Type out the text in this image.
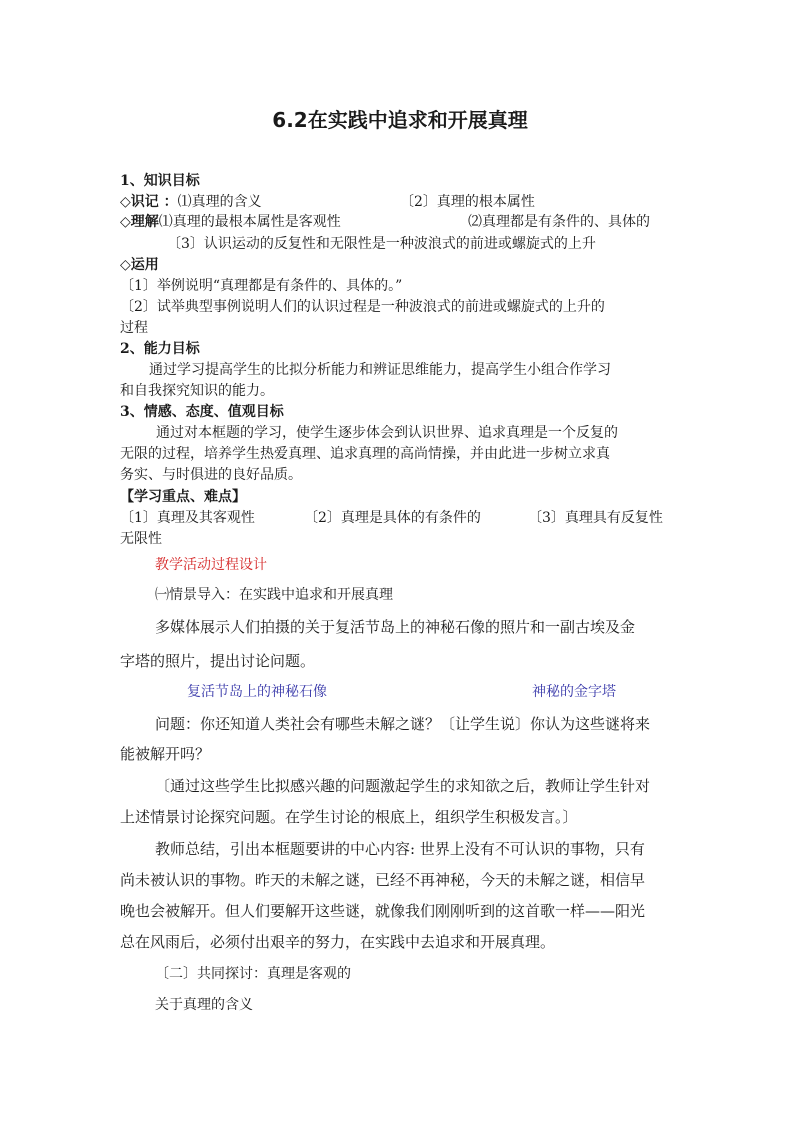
6.2在实践中追求和开展真理
1、知识目标
◇识记 ：⑴真理的含义	〔2〕真理的根本属性
◇理解⑴真理的最根本属性是客观性	⑵真理都是有条件的、具体的
〔3〕认识运动的反复性和无限性是一种波浪式的前进或螺旋式的上升
◇运用
〔1〕举例说明“真理都是有条件的、具体的。”
〔2〕试举典型事例说明人们的认识过程是一种波浪式的前进或螺旋式的上升的
过程
2、能力目标
通过学习提高学生的比拟分析能力和辨证思维能力，提高学生小组合作学习
和自我探究知识的能力。
3、情感、态度、值观目标
通过对本框题的学习，使学生逐步体会到认识世界、追求真理是一个反复的
无限的过程，培养学生热爱真理、追求真理的高尚情操，并由此进一步树立求真
务实、与时俱进的良好品质。
【学习重点、难点】
〔1〕真理及其客观性	〔2〕真理是具体的有条件的	〔3〕真理具有反复性
无限性
教学活动过程设计
㈠情景导入：在实践中追求和开展真理
多媒体展示人们拍摄的关于复活节岛上的神秘石像的照片和一副古埃及金
字塔的照片，提出讨论问题。
复活节岛上的神秘石像	神秘的金字塔
问题：你还知道人类社会有哪些未解之谜？〔让学生说〕你认为这些谜将来
能被解开吗？
〔通过这些学生比拟感兴趣的问题激起学生的求知欲之后，教师让学生针对
上述情景讨论探究问题。在学生讨论的根底上，组织学生积极发言。〕
教师总结，引出本框题要讲的中心内容: 世界上没有不可认识的事物，只有
尚未被认识的事物。昨天的未解之谜，已经不再神秘，今天的未解之谜，相信早
晚也会被解开。但人们要解开这些谜，就像我们刚刚听到的这首歌一样——阳光
总在风雨后，必须付出艰辛的努力，在实践中去追求和开展真理。
〔二〕共同探讨：真理是客观的
关于真理的含义
